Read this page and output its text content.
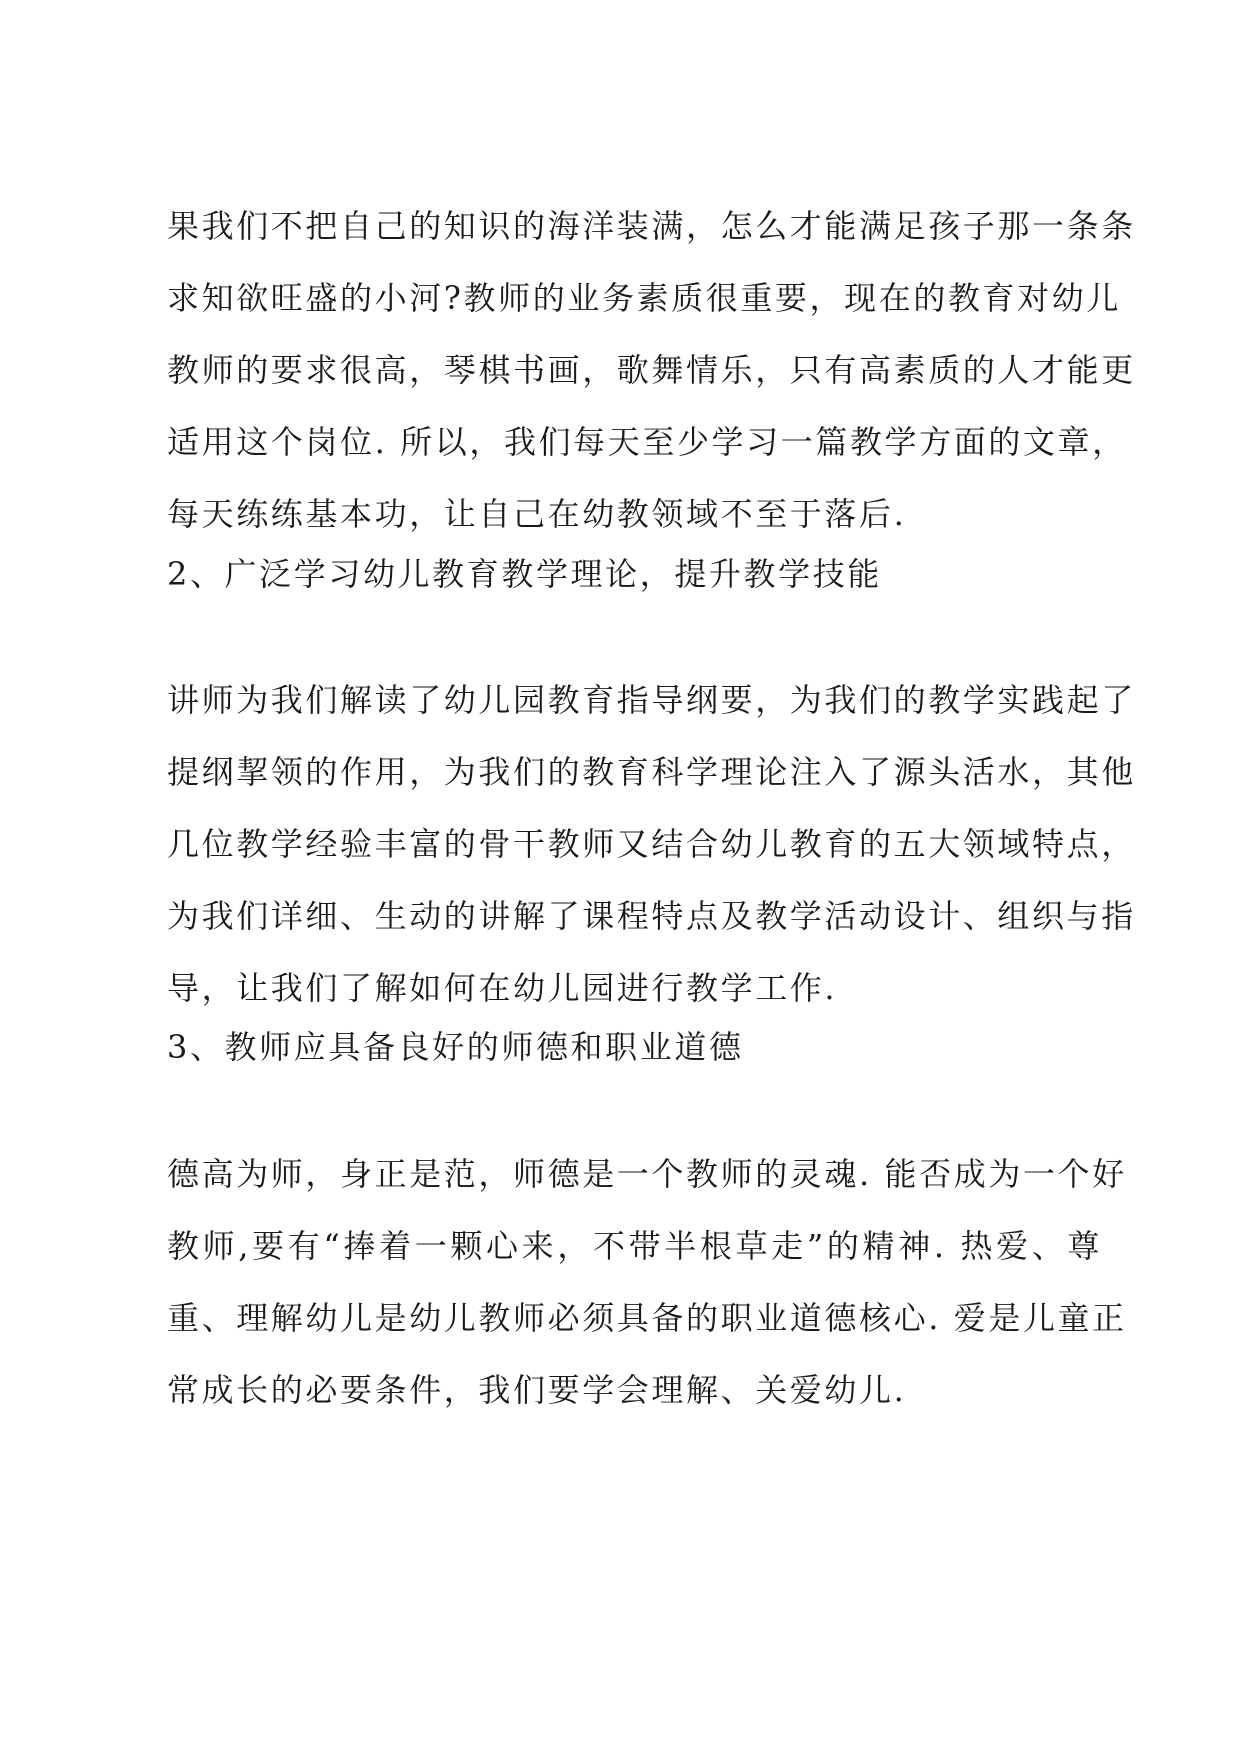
果我们不把自己的知识的海洋装满，怎么才能满足孩子那一条条
求知欲旺盛的小河?教师的业务素质很重要，现在的教育对幼儿
教师的要求很高，琴棋书画，歌舞情乐，只有高素质的人才能更
适用这个岗位. 所以，我们每天至少学习一篇教学方面的文章，
每天练练基本功，让自己在幼教领域不至于落后.
2、广泛学习幼儿教育教学理论，提升教学技能
讲师为我们解读了幼儿园教育指导纲要，为我们的教学实践起了
提纲挈领的作用，为我们的教育科学理论注入了源头活水，其他
几位教学经验丰富的骨干教师又结合幼儿教育的五大领域特点，
为我们详细、生动的讲解了课程特点及教学活动设计、组织与指
导，让我们了解如何在幼儿园进行教学工作.
3、教师应具备良好的师德和职业道德
德高为师，身正是范，师德是一个教师的灵魂. 能否成为一个好
教师,要有“捧着一颗心来，不带半根草走”的精神. 热爱、尊
重、理解幼儿是幼儿教师必须具备的职业道德核心. 爱是儿童正
常成长的必要条件，我们要学会理解、关爱幼儿.
